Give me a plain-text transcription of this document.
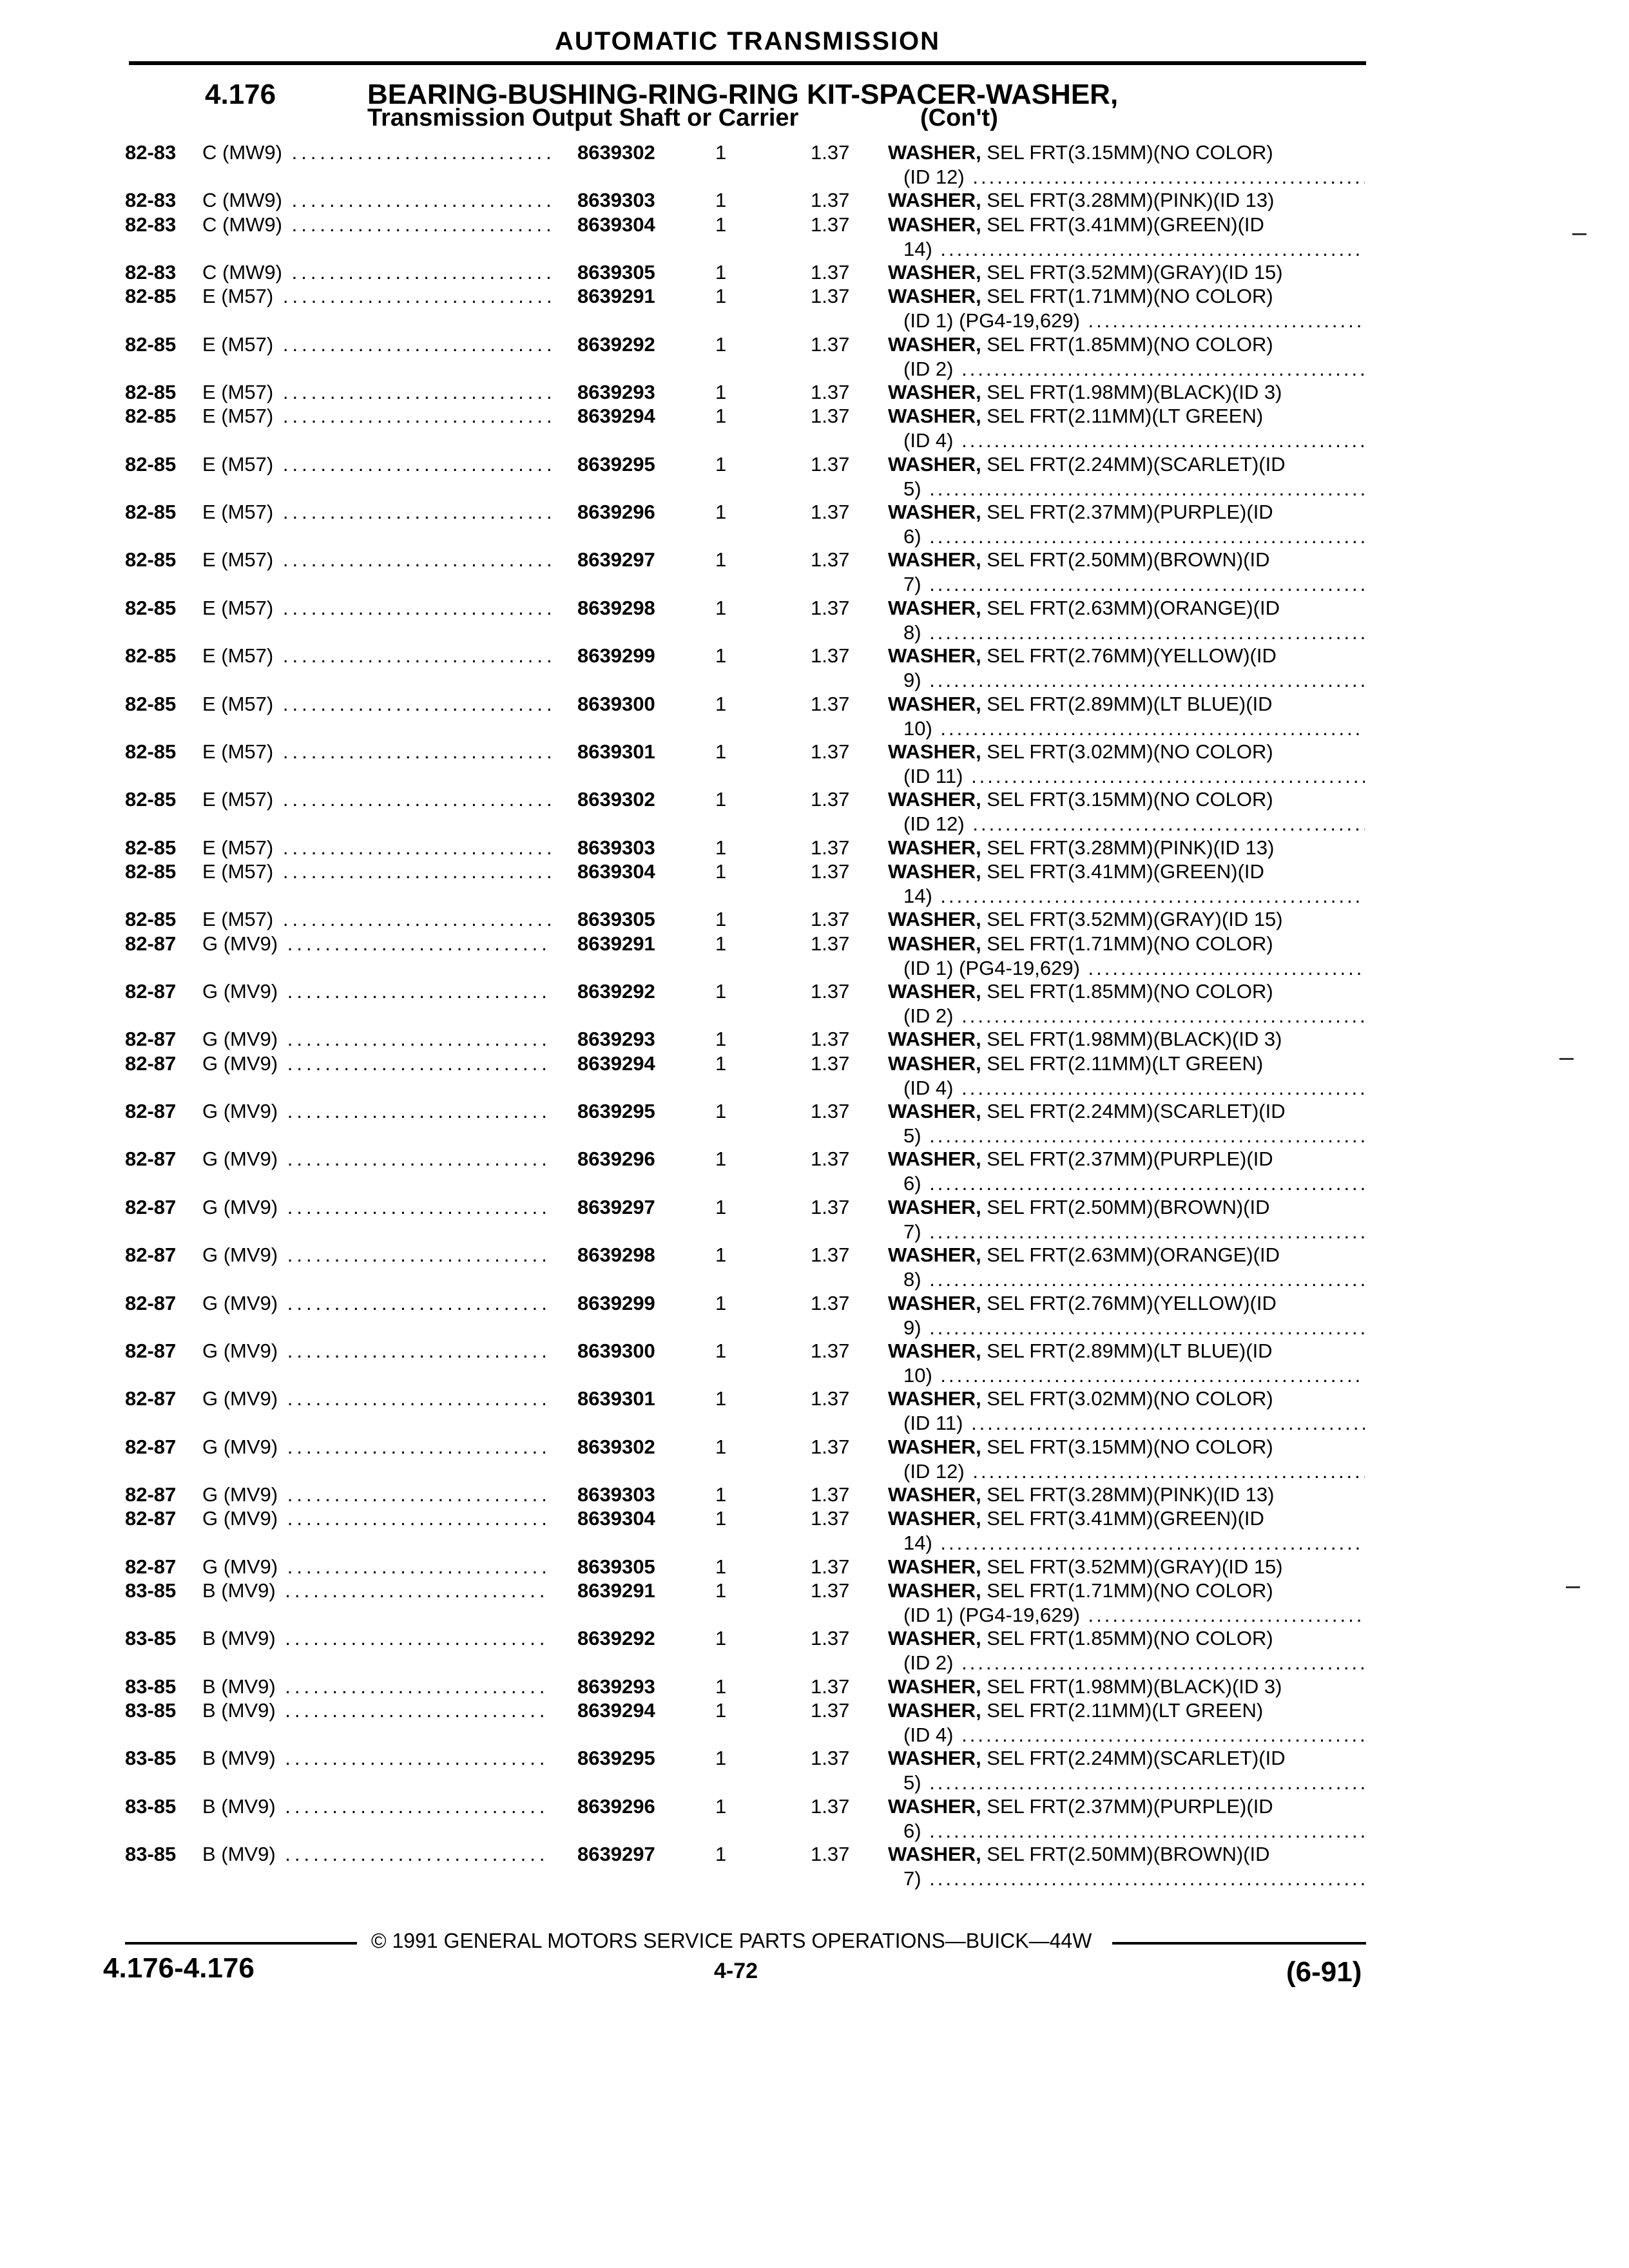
AUTOMATIC TRANSMISSION
4.176	BEARING-BUSHING-RING-RING KIT-SPACER-WASHER,
Transmission Output Shaft or Carrier	(Con't)
82-83	C (MW9) .....	8639302	1	1.37 WASHER, SEL FRT(3.15MM)(NO COLOR)
(ID 12) .....
82-83	C (MW9) .....	8639303	1	1.37 WASHER, SEL FRT(3.28MM)(PINK)(ID 13)
82-83	C (MW9) .....	8639304	1	1.37 WASHER, SEL FRT(3.41MM)(GREEN)(ID
14) .....
82-83	C (MW9) .....	8639305	1	1.37 WASHER, SEL FRT(3.52MM)(GRAY)(ID 15)
82-85	E (M57) .....	8639291	1	1.37 WASHER, SEL FRT(1.71MM)(NO COLOR)
(ID 1) (PG4-19,629) .....
82-85	E (M57) .....	8639292	1	1.37 WASHER, SEL FRT(1.85MM)(NO COLOR)
(ID 2) .....
82-85	E (M57) .....	8639293	1	1.37 WASHER, SEL FRT(1.98MM)(BLACK)(ID 3)
82-85	E (M57) .....	8639294	1	1.37 WASHER, SEL FRT(2.11MM)(LT GREEN)
(ID 4) .....
82-85	E (M57) .....	8639295	1	1.37 WASHER, SEL FRT(2.24MM)(SCARLET)(ID
5) .....
82-85	E (M57) .....	8639296	1	1.37 WASHER, SEL FRT(2.37MM)(PURPLE)(ID
6) .....
82-85	E (M57) .....	8639297	1	1.37 WASHER, SEL FRT(2.50MM)(BROWN)(ID
7) .....
82-85	E (M57) .....	8639298	1	1.37 WASHER, SEL FRT(2.63MM)(ORANGE)(ID
8) .....
82-85	E (M57) .....	8639299	1	1.37 WASHER, SEL FRT(2.76MM)(YELLOW)(ID
9) .....
82-85	E (M57) .....	8639300	1	1.37 WASHER, SEL FRT(2.89MM)(LT BLUE)(ID
10) .....
82-85	E (M57) .....	8639301	1	1.37 WASHER, SEL FRT(3.02MM)(NO COLOR)
(ID 11) .....
82-85	E (M57) .....	8639302	1	1.37 WASHER, SEL FRT(3.15MM)(NO COLOR)
(ID 12) .....
82-85	E (M57) .....	8639303	1	1.37 WASHER, SEL FRT(3.28MM)(PINK)(ID 13)
82-85	E (M57) .....	8639304	1	1.37 WASHER, SEL FRT(3.41MM)(GREEN)(ID
14) .....
82-85	E (M57) .....	8639305	1	1.37 WASHER, SEL FRT(3.52MM)(GRAY)(ID 15)
82-87	G (MV9) .....	8639291	1	1.37 WASHER, SEL FRT(1.71MM)(NO COLOR)
(ID 1) (PG4-19,629) .....
82-87	G (MV9) .....	8639292	1	1.37 WASHER, SEL FRT(1.85MM)(NO COLOR)
(ID 2) .....
82-87	G (MV9) .....	8639293	1	1.37 WASHER, SEL FRT(1.98MM)(BLACK)(ID 3)
82-87	G (MV9) .....	8639294	1	1.37 WASHER, SEL FRT(2.11MM)(LT GREEN)
(ID 4) .....
82-87	G (MV9) .....	8639295	1	1.37 WASHER, SEL FRT(2.24MM)(SCARLET)(ID
5) .....
82-87	G (MV9) .....	8639296	1	1.37 WASHER, SEL FRT(2.37MM)(PURPLE)(ID
6) .....
82-87	G (MV9) .....	8639297	1	1.37 WASHER, SEL FRT(2.50MM)(BROWN)(ID
7) .....
82-87	G (MV9) .....	8639298	1	1.37 WASHER, SEL FRT(2.63MM)(ORANGE)(ID
8) .....
82-87	G (MV9) .....	8639299	1	1.37 WASHER, SEL FRT(2.76MM)(YELLOW)(ID
9) .....
82-87	G (MV9) .....	8639300	1	1.37 WASHER, SEL FRT(2.89MM)(LT BLUE)(ID
10) .....
82-87	G (MV9) .....	8639301	1	1.37 WASHER, SEL FRT(3.02MM)(NO COLOR)
(ID 11) .....
82-87	G (MV9) .....	8639302	1	1.37 WASHER, SEL FRT(3.15MM)(NO COLOR)
(ID 12) .....
82-87	G (MV9) .....	8639303	1	1.37 WASHER, SEL FRT(3.28MM)(PINK)(ID 13)
82-87	G (MV9) .....	8639304	1	1.37 WASHER, SEL FRT(3.41MM)(GREEN)(ID
14) .....
82-87	G (MV9) .....	8639305	1	1.37 WASHER, SEL FRT(3.52MM)(GRAY)(ID 15)
83-85	B (MV9) .....	8639291	1	1.37 WASHER, SEL FRT(1.71MM)(NO COLOR)
(ID 1) (PG4-19,629) .....
83-85	B (MV9) .....	8639292	1	1.37 WASHER, SEL FRT(1.85MM)(NO COLOR)
(ID 2) .....
83-85	B (MV9) .....	8639293	1	1.37 WASHER, SEL FRT(1.98MM)(BLACK)(ID 3)
83-85	B (MV9) .....	8639294	1	1.37 WASHER, SEL FRT(2.11MM)(LT GREEN)
(ID 4) .....
83-85	B (MV9) .....	8639295	1	1.37 WASHER, SEL FRT(2.24MM)(SCARLET)(ID
5) .....
83-85	B (MV9) .....	8639296	1	1.37 WASHER, SEL FRT(2.37MM)(PURPLE)(ID
6) .....
83-85	B (MV9) .....	8639297	1	1.37 WASHER, SEL FRT(2.50MM)(BROWN)(ID
7) .....
© 1991 GENERAL MOTORS SERVICE PARTS OPERATIONS—BUICK—44W
4.176-4.176	4-72	(6-91)
